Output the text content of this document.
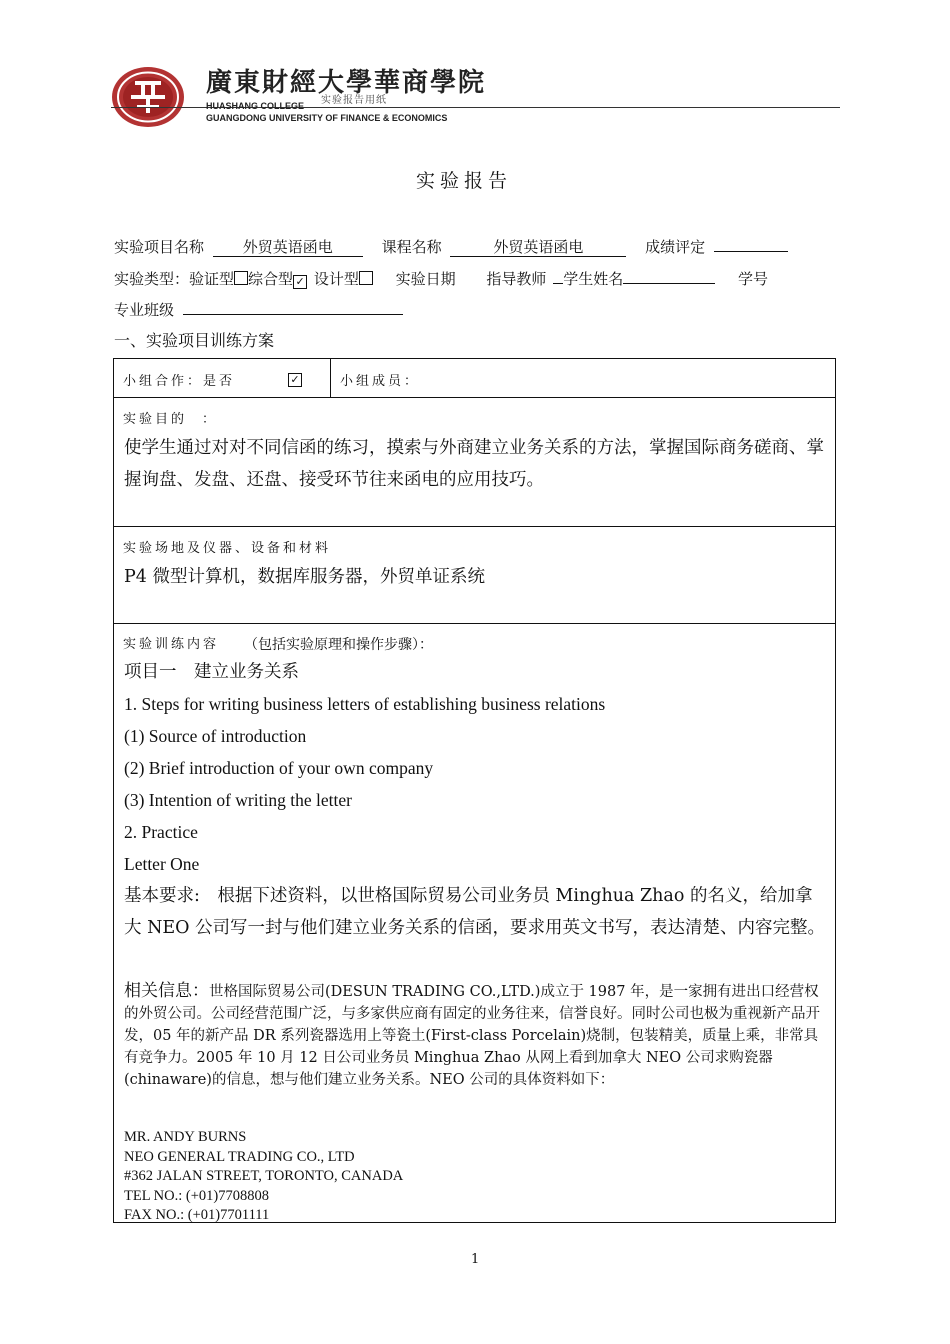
廣東財經大學華商學院
实验报告用纸
HUASHANG COLLEGE
GUANGDONG UNIVERSITY OF FINANCE & ECONOMICS
实验报告
实验项目名称	外贸英语函电	课程名称	外贸英语函电	成绩评定
实验类型：验证型 综合型 ✓ 设计型 实验日期 指导教师 学生姓名	学号
专业班级
一、实验项目训练方案
小组合作：是否	✓	小组成员：
实验目的 ：
使学生通过对对不同信函的练习，摸索与外商建立业务关系的方法，掌握国际商务磋商、掌握询盘、发盘、还盘、接受环节往来函电的应用技巧。
实验场地及仪器、设备和材料
P4 微型计算机，数据库服务器，外贸单证系统
实验训练内容 （包括实验原理和操作步骤）：
项目一　建立业务关系
1. Steps for writing business letters of establishing business relations
(1) Source of introduction
(2) Brief introduction of your own company
(3) Intention of writing the letter
2. Practice
Letter One
基本要求:　根据下述资料，以世格国际贸易公司业务员 Minghua Zhao 的名义，给加拿大 NEO 公司写一封与他们建立业务关系的信函，要求用英文书写，表达清楚、内容完整。
相关信息：世格国际贸易公司(DESUN TRADING CO.,LTD.)成立于 1987 年，是一家拥有进出口经营权的外贸公司。公司经营范围广泛，与多家供应商有固定的业务往来，信誉良好。同时公司也极为重视新产品开发，05 年的新产品 DR 系列瓷器选用上等瓷土(First-class Porcelain)烧制，包装精美，质量上乘，非常具有竞争力。2005 年 10 月 12 日公司业务员 Minghua Zhao 从网上看到加拿大 NEO 公司求购瓷器(chinaware)的信息，想与他们建立业务关系。NEO 公司的具体资料如下：
MR. ANDY BURNS
NEO GENERAL TRADING CO., LTD
#362 JALAN STREET, TORONTO, CANADA
TEL NO.: (+01)7708808
FAX NO.: (+01)7701111
1
